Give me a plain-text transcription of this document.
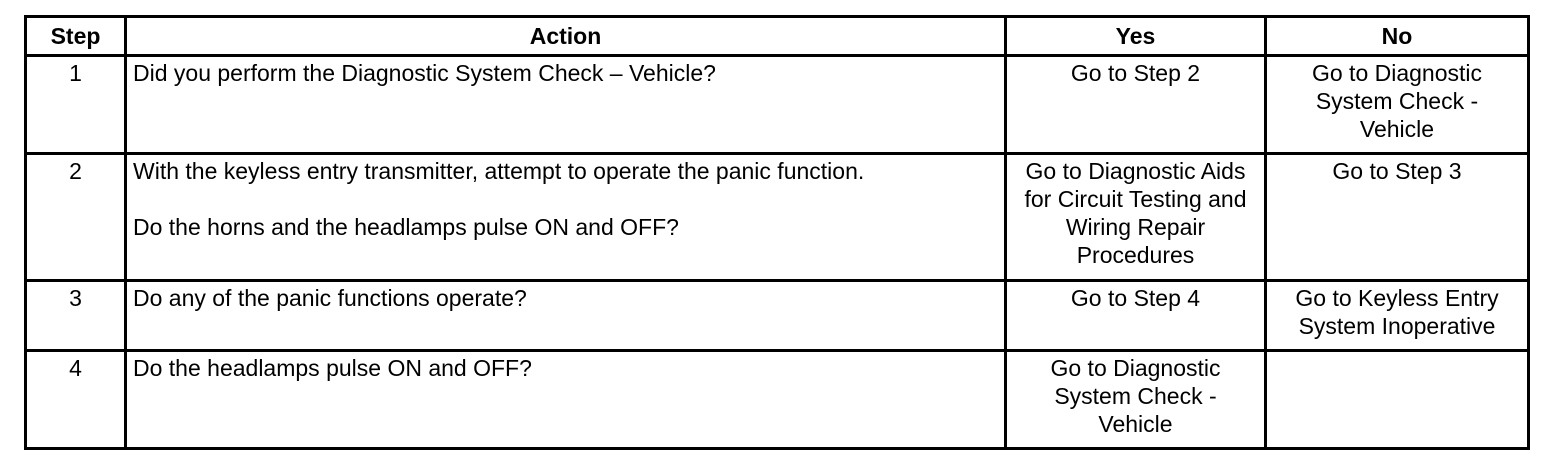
Step	Action	Yes	No
1	Did you perform the Diagnostic System Check – Vehicle?	Go to Step 2	Go to Diagnostic
System Check -
Vehicle

2	With the keyless entry transmitter, attempt to operate the panic function.
Do the horns and the headlamps pulse ON and OFF?	Go to Diagnostic Aids
for Circuit Testing and
Wiring Repair
Procedures	Go to Step 3

3	Do any of the panic functions operate?	Go to Step 4	Go to Keyless Entry
System Inoperative

4	Do the headlamps pulse ON and OFF?	Go to Diagnostic
System Check -
Vehicle	
